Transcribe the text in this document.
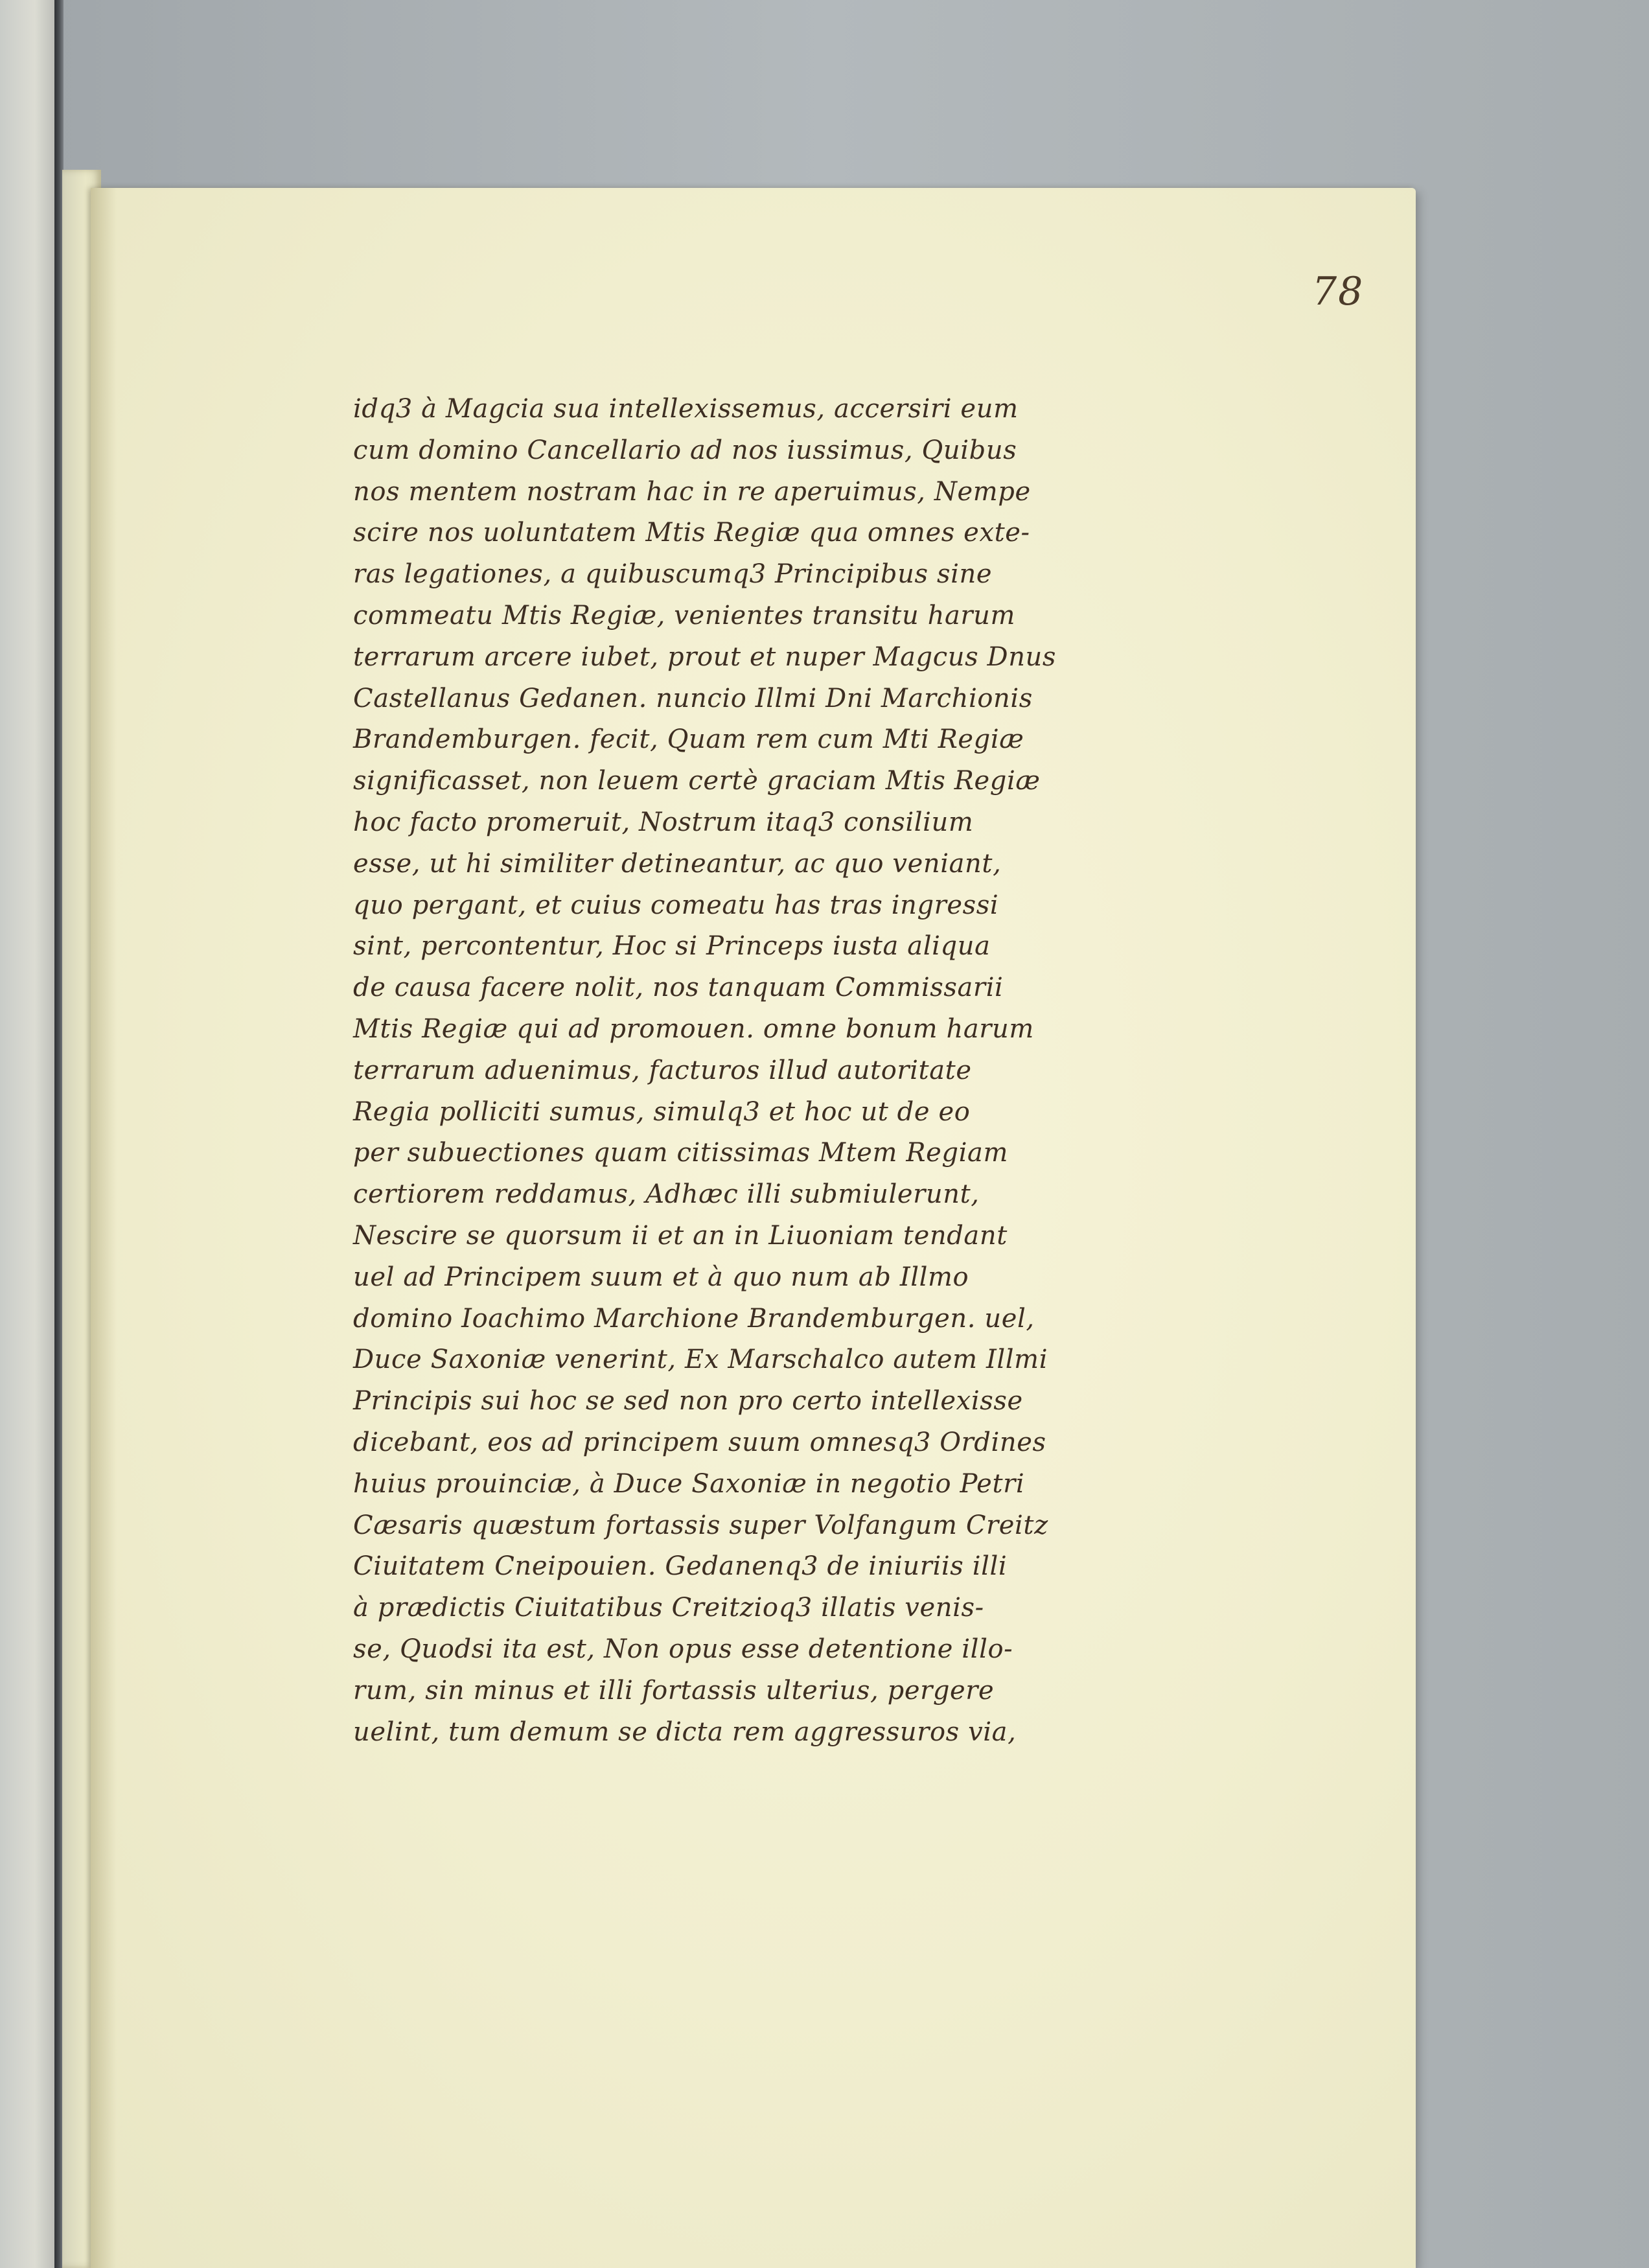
78
idq3 à Magcia sua intellexissemus, accersiri eum
cum domino Cancellario ad nos iussimus, Quibus
nos mentem nostram hac in re aperuimus, Nempe
scire nos uoluntatem Mtis Regiæ qua omnes exte-
ras legationes, a quibuscumq3 Principibus sine
commeatu Mtis Regiæ, venientes transitu harum
terrarum arcere iubet, prout et nuper Magcus Dnus
Castellanus Gedanen. nuncio Illmi Dni Marchionis
Brandemburgen. fecit, Quam rem cum Mti Regiæ
significasset, non leuem certè graciam Mtis Regiæ
hoc facto promeruit, Nostrum itaq3 consilium
esse, ut hi similiter detineantur, ac quo veniant,
quo pergant, et cuius comeatu has tras ingressi
sint, percontentur, Hoc si Princeps iusta aliqua
de causa facere nolit, nos tanquam Commissarii
Mtis Regiæ qui ad promouen. omne bonum harum
terrarum aduenimus, facturos illud autoritate
Regia polliciti sumus, simulq3 et hoc ut de eo
per subuectiones quam citissimas Mtem Regiam
certiorem reddamus, Adhæc illi submiulerunt,
Nescire se quorsum ii et an in Liuoniam tendant
uel ad Principem suum et à quo num ab Illmo
domino Ioachimo Marchione Brandemburgen. uel,
Duce Saxoniæ venerint, Ex Marschalco autem Illmi
Principis sui hoc se sed non pro certo intellexisse
dicebant, eos ad principem suum omnesq3 Ordines
huius prouinciæ, à Duce Saxoniæ in negotio Petri
Cæsaris quæstum fortassis super Volfangum Creitz
Ciuitatem Cneipouien. Gedanenq3 de iniuriis illi
à prædictis Ciuitatibus Creitzioq3 illatis venis-
se, Quodsi ita est, Non opus esse detentione illo-
rum, sin minus et illi fortassis ulterius, pergere
uelint, tum demum se dicta rem aggressuros via,
